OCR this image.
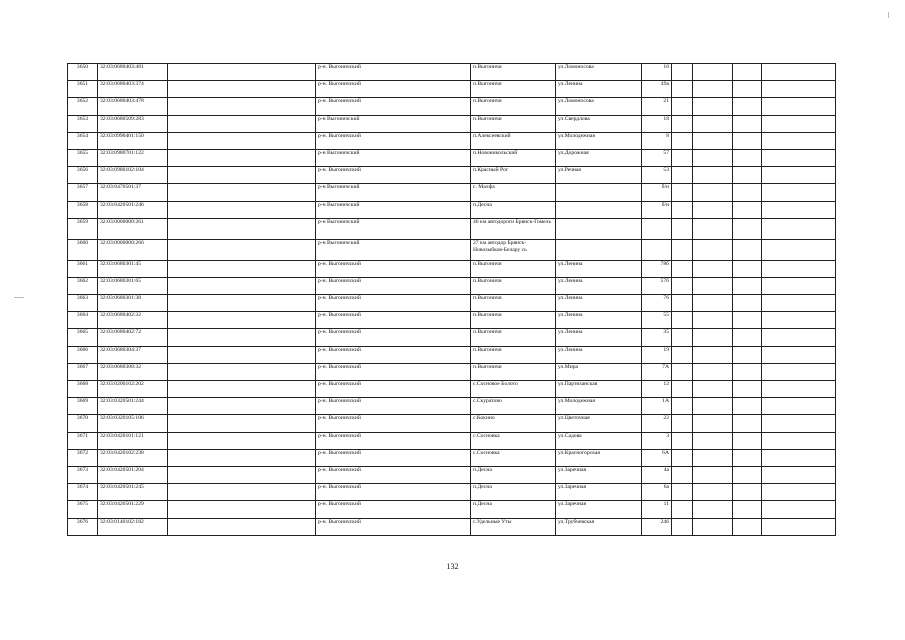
3650	32:03:0680403:481		р-н. Выгоничский	п.Выгоничи	ул.Ломоносова	16				
3651	32:03:0680403:374		р-н. Выгоничский	п.Выгоничи	ул.Ленина	49а				
3652	32:03:0680403:478		р-н. Выгоничский	п.Выгоничи	ул.Ломоносова	21				
3653	32:03:0680509:283		р-н Выгоничский	п.Выгоничи	ул.Свердлова	18				
3654	32:03:0990401:150		р-н. Выгоничский	п.Алексеевский	ул.Молодежная	8				
3655	32:03:0980701:122		р-н Выгоничский	п.Новоникольский	ул.Дорожная	57				
3656	32:03:0980102:104		р-н. Выгоничский	п.Красный Рог	ул.Речная	53				
3657	32:03:0470501:37		р-н Выгоничский	с. Малфа		б/н				
3658	32:03:0420501:246		р-н Выгоничский	п.Десна		б/н				
3659	32:03:0000000:261		р-н Выгоничский	46 км автодороги Брянск-Гомель						
3660	32:03:0000000:266		р-н Выгоничский	27 км автодор Брянск-Новозыбков-Белару сь						
3661	32:03:0680301:45		р-н. Выгоничский	п.Выгоничи	ул.Ленина	78б				
3662	32:03:0680301:65		р-н. Выгоничский	п.Выгоничи	ул.Ленина	57б				
3663	32:03:0680301:38		р-н. Выгоничский	п.Выгоничи	ул.Ленина	76				
3664	32:03:0680402:32		р-н. Выгоничский	п.Выгоничи	ул.Ленина	55				
3665	32:03:0680402:72		р-н. Выгоничский	п.Выгоничи	ул.Ленина	35				
3666	32:03:0680304:37		р-н. Выгоничский	п.Выгоничи	ул.Ленина	19				
3667	32:03:0680308:32		р-н. Выгоничский	п.Выгоничи	ул.Мира	7А				
3668	32:03:0200102:202		р-н. Выгоничский	с.Сосновое Болото	ул.Партизанская	12				
3669	32:03:0320501:244		р-н. Выгоничский	с.Скуратово	ул.Молодежная	1А				
3670	32:03:0320105:106		р-н. Выгоничский	с.Кокино	ул.Цветочная	22				
3671	32:03:0420101:121		р-н. Выгоничский	с.Сосновка	ул.Садова	3				
3672	32:03:0420102:238		р-н. Выгоничский	с.Сосновка	ул.Красногорская	6А				
3673	32:03:0420501:204		р-н. Выгоничский	п.Десна	ул.Заречная	4а				
3674	32:03:0420501:245		р-н. Выгоничский	п.Десна	ул.Заречная	6а				
3675	32:03:0420501:229		р-н. Выгоничский	п.Десна	ул.Заречная	11				
3676	32:03:0140102:182		р-н. Выгоничский	с.Удельные Уты	ул.Трубчевская	246				
132
